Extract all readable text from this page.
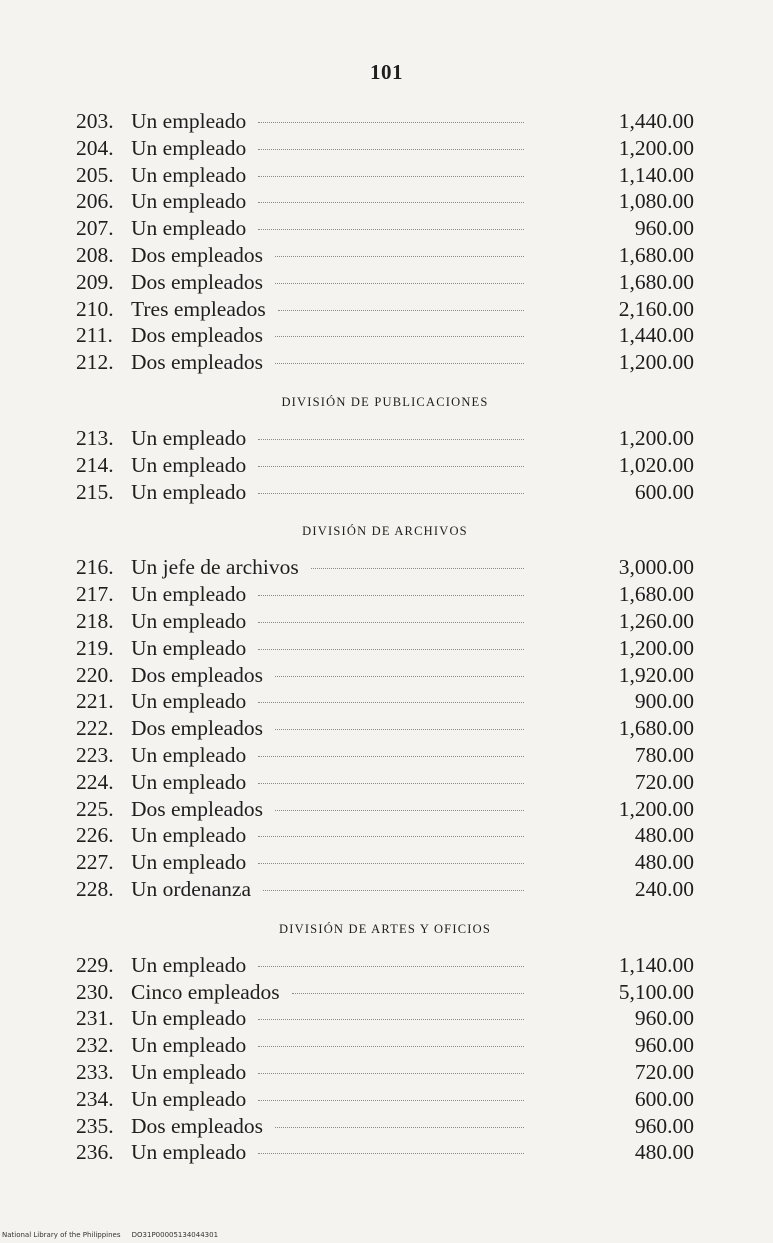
101
203. Un empleado	1,440.00
204. Un empleado	1,200.00
205. Un empleado	1,140.00
206. Un empleado	1,080.00
207. Un empleado	960.00
208. Dos empleados	1,680.00
209. Dos empleados	1,680.00
210. Tres empleados	2,160.00
211. Dos empleados	1,440.00
212. Dos empleados	1,200.00
DIVISIÓN DE PUBLICACIONES
213. Un empleado	1,200.00
214. Un empleado	1,020.00
215. Un empleado	600.00
DIVISIÓN DE ARCHIVOS
216. Un jefe de archivos	3,000.00
217. Un empleado	1,680.00
218. Un empleado	1,260.00
219. Un empleado	1,200.00
220. Dos empleados	1,920.00
221. Un empleado	900.00
222. Dos empleados	1,680.00
223. Un empleado	780.00
224. Un empleado	720.00
225. Dos empleados	1,200.00
226. Un empleado	480.00
227. Un empleado	480.00
228. Un ordenanza	240.00
DIVISIÓN DE ARTES Y OFICIOS
229. Un empleado	1,140.00
230. Cinco empleados	5,100.00
231. Un empleado	960.00
232. Un empleado	960.00
233. Un empleado	720.00
234. Un empleado	600.00
235. Dos empleados	960.00
236. Un empleado	480.00
National Library of the Philippines DO31P00005134044301
